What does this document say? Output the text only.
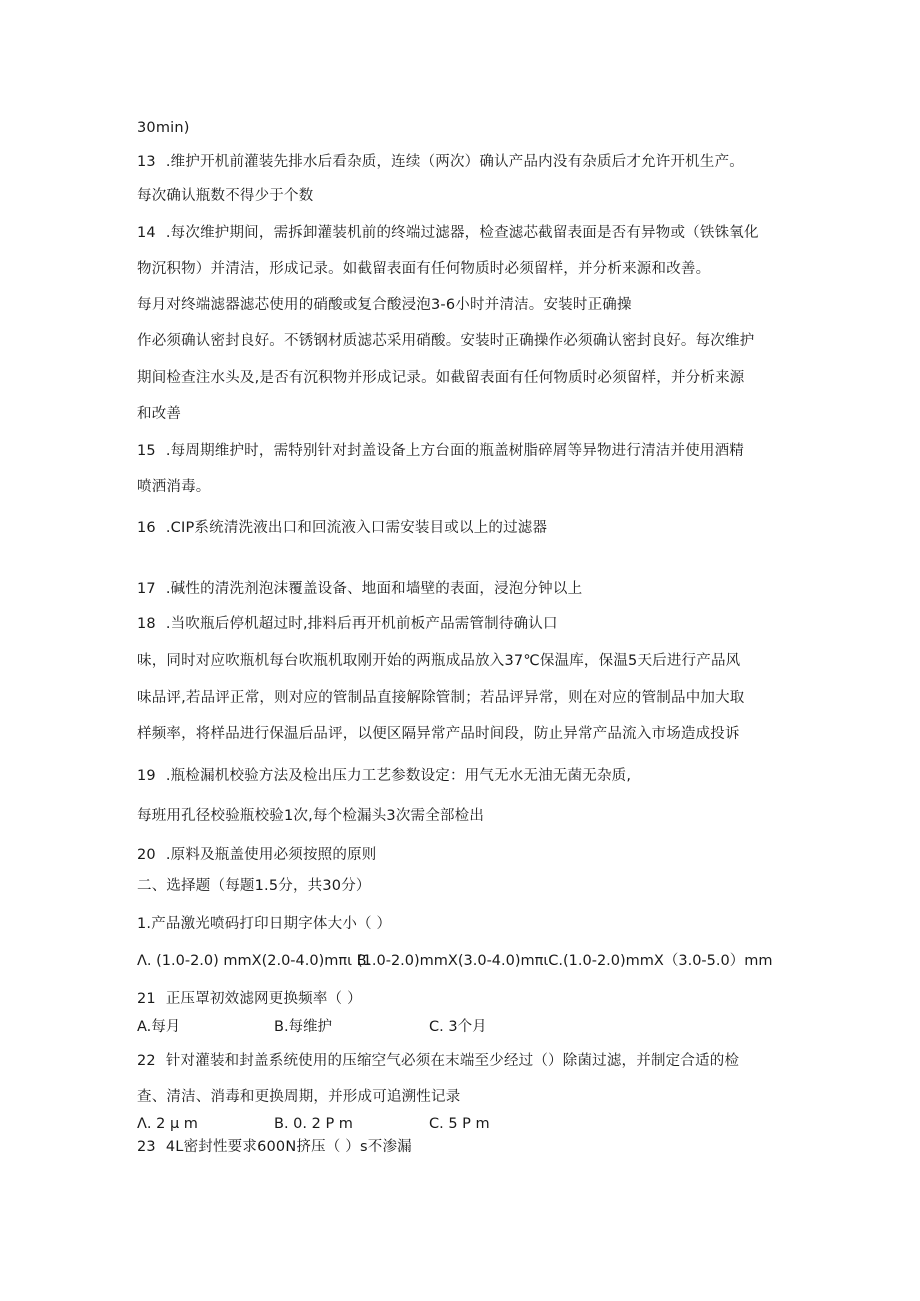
30min)
13 .维护开机前灌装先排水后看杂质，连续（两次）确认产品内没有杂质后才允许开机生产。
每次确认瓶数不得少于个数
14 .每次维护期间，需拆卸灌装机前的终端过滤器，检查滤芯截留表面是否有异物或（铁铢氧化
物沉积物）并清洁，形成记录。如截留表面有任何物质时必须留样，并分析来源和改善。
每月对终端滤器滤芯使用的硝酸或复合酸浸泡3-6小时并清洁。安装时正确操
作必须确认密封良好。不锈钢材质滤芯采用硝酸。安装时正确操作必须确认密封良好。每次维护
期间检查注水头及,是否有沉积物并形成记录。如截留表面有任何物质时必须留样，并分析来源
和改善
15 .每周期维护时，需特别针对封盖设备上方台面的瓶盖树脂碎屑等异物进行清洁并使用酒精
喷洒消毒。
16 .CIP系统清洗液出口和回流液入口需安装目或以上的过滤器
17 .碱性的清洗剂泡沫覆盖设备、地面和墙壁的表面，浸泡分钟以上
18 .当吹瓶后停机超过时,排料后再开机前板产品需管制待确认口
味，同时对应吹瓶机每台吹瓶机取刚开始的两瓶成品放入37℃保温库，保温5天后进行产品风
味品评,若品评正常，则对应的管制品直接解除管制；若品评异常，则在对应的管制品中加大取
样频率，将样品进行保温后品评，以便区隔异常产品时间段，防止异常产品流入市场造成投诉
19 .瓶检漏机校验方法及检出压力工艺参数设定：用气无水无油无菌无杂质,
每班用孔径校验瓶校验1次,每个检漏头3次需全部检出
20 .原料及瓶盖使用必须按照的原则
二、选择题（每题1.5分，共30分）
1.产品激光喷码打印日期字体大小（ ）
Λ. (1.0-2.0) mmX(2.0-4.0)mπι B.
(1.0-2.0)mmX(3.0-4.0)mπιC.(1.0-2.0)mmX（3.0-5.0）mm
21 正压罩初效滤网更换频率（ ）
A.每月	B.每维护	C. 3个月
22 针对灌装和封盖系统使用的压缩空气必须在末端至少经过（）除菌过滤，并制定合适的检
查、清洁、消毒和更换周期，并形成可追溯性记录
Λ. 2 μ m	B. 0. 2 P m	C. 5 P m
23 4L密封性要求600N挤压（ ）s不渗漏
